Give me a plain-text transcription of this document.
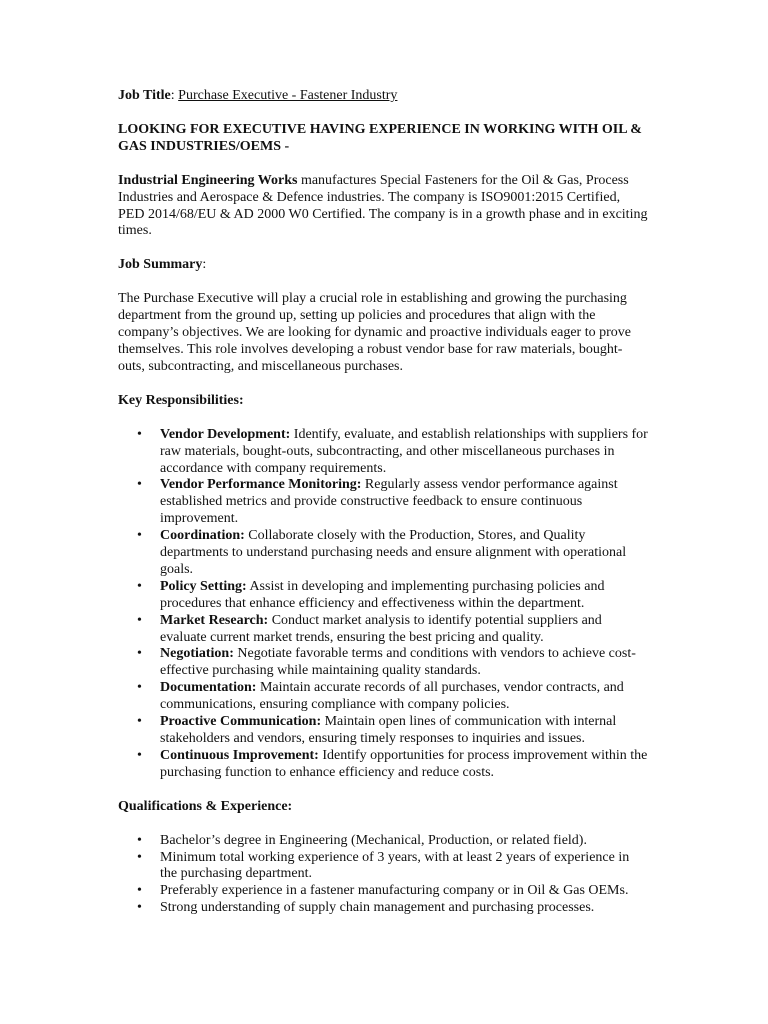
Job Title: Purchase Executive - Fastener Industry

LOOKING FOR EXECUTIVE HAVING EXPERIENCE IN WORKING WITH OIL & GAS INDUSTRIES/OEMS -

Industrial Engineering Works manufactures Special Fasteners for the Oil & Gas, Process Industries and Aerospace & Defence industries. The company is ISO9001:2015 Certified, PED 2014/68/EU & AD 2000 W0 Certified. The company is in a growth phase and in exciting times.

Job Summary:

The Purchase Executive will play a crucial role in establishing and growing the purchasing department from the ground up, setting up policies and procedures that align with the company’s objectives. We are looking for dynamic and proactive individuals eager to prove themselves. This role involves developing a robust vendor base for raw materials, bought-outs, subcontracting, and miscellaneous purchases.

Key Responsibilities:

• Vendor Development: Identify, evaluate, and establish relationships with suppliers for raw materials, bought-outs, subcontracting, and other miscellaneous purchases in accordance with company requirements.
• Vendor Performance Monitoring: Regularly assess vendor performance against established metrics and provide constructive feedback to ensure continuous improvement.
• Coordination: Collaborate closely with the Production, Stores, and Quality departments to understand purchasing needs and ensure alignment with operational goals.
• Policy Setting: Assist in developing and implementing purchasing policies and procedures that enhance efficiency and effectiveness within the department.
• Market Research: Conduct market analysis to identify potential suppliers and evaluate current market trends, ensuring the best pricing and quality.
• Negotiation: Negotiate favorable terms and conditions with vendors to achieve cost-effective purchasing while maintaining quality standards.
• Documentation: Maintain accurate records of all purchases, vendor contracts, and communications, ensuring compliance with company policies.
• Proactive Communication: Maintain open lines of communication with internal stakeholders and vendors, ensuring timely responses to inquiries and issues.
• Continuous Improvement: Identify opportunities for process improvement within the purchasing function to enhance efficiency and reduce costs.

Qualifications & Experience:

• Bachelor’s degree in Engineering (Mechanical, Production, or related field).
• Minimum total working experience of 3 years, with at least 2 years of experience in the purchasing department.
• Preferably experience in a fastener manufacturing company or in Oil & Gas OEMs.
• Strong understanding of supply chain management and purchasing processes.
